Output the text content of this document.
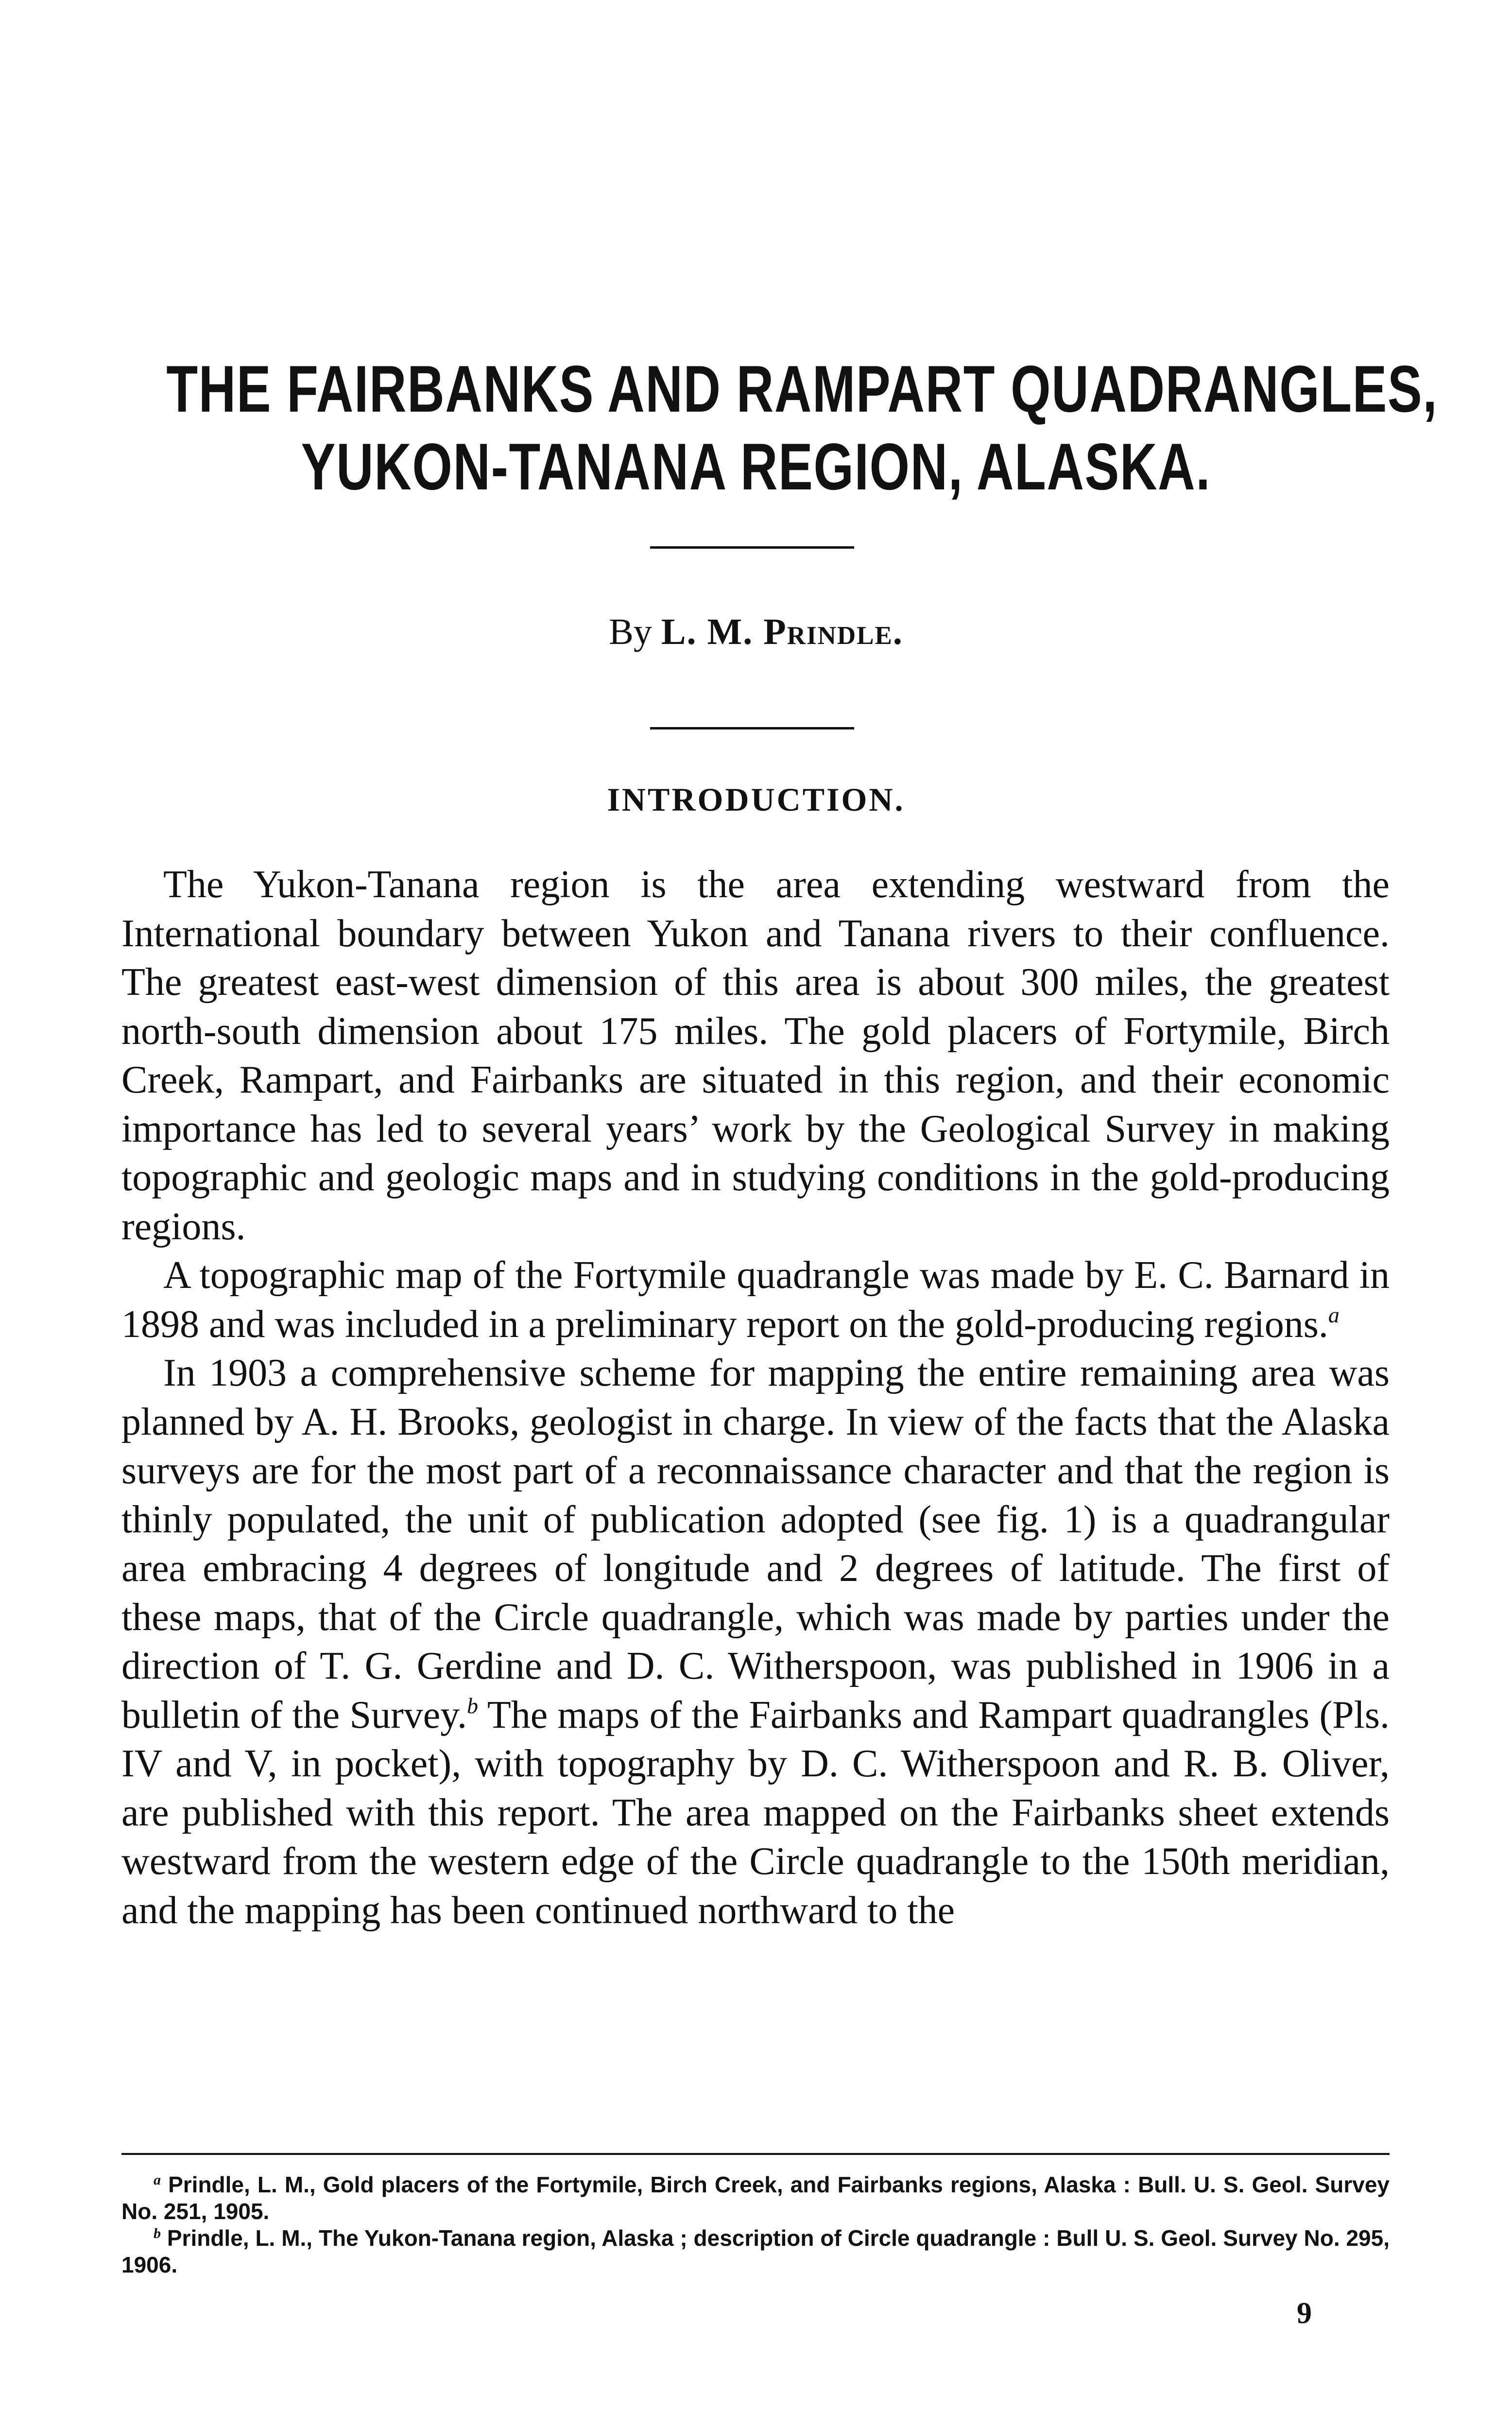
THE FAIRBANKS AND RAMPART QUADRANGLES,
YUKON-TANANA REGION, ALASKA.
By L. M. Prindle.
INTRODUCTION.

The Yukon-Tanana region is the area extending westward from the International boundary between Yukon and Tanana rivers to their confluence. The greatest east-west dimension of this area is about 300 miles, the greatest north-south dimension about 175 miles. The gold placers of Fortymile, Birch Creek, Rampart, and Fairbanks are situated in this region, and their economic importance has led to several years’ work by the Geological Survey in making topographic and geologic maps and in studying conditions in the gold-producing regions.

A topographic map of the Fortymile quadrangle was made by E. C. Barnard in 1898 and was included in a preliminary report on the gold-producing regions.$^a$

In 1903 a comprehensive scheme for mapping the entire remaining area was planned by A. H. Brooks, geologist in charge. In view of the facts that the Alaska surveys are for the most part of a reconnaissance character and that the region is thinly populated, the unit of publication adopted (see fig. 1) is a quadrangular area embracing 4 degrees of longitude and 2 degrees of latitude. The first of these maps, that of the Circle quadrangle, which was made by parties under the direction of T. G. Gerdine and D. C. Witherspoon, was published in 1906 in a bulletin of the Survey.$^b$ The maps of the Fairbanks and Rampart quadrangles (Pls. IV and V, in pocket), with topography by D. C. Witherspoon and R. B. Oliver, are published with this report. The area mapped on the Fairbanks sheet extends westward from the western edge of the Circle quadrangle to the 150th meridian, and the mapping has been continued northward to the

$^a$ Prindle, L. M., Gold placers of the Fortymile, Birch Creek, and Fairbanks regions, Alaska : Bull. U. S. Geol. Survey No. 251, 1905.

$^b$ Prindle, L. M., The Yukon-Tanana region, Alaska ; description of Circle quadrangle : Bull U. S. Geol. Survey No. 295, 1906.

9
